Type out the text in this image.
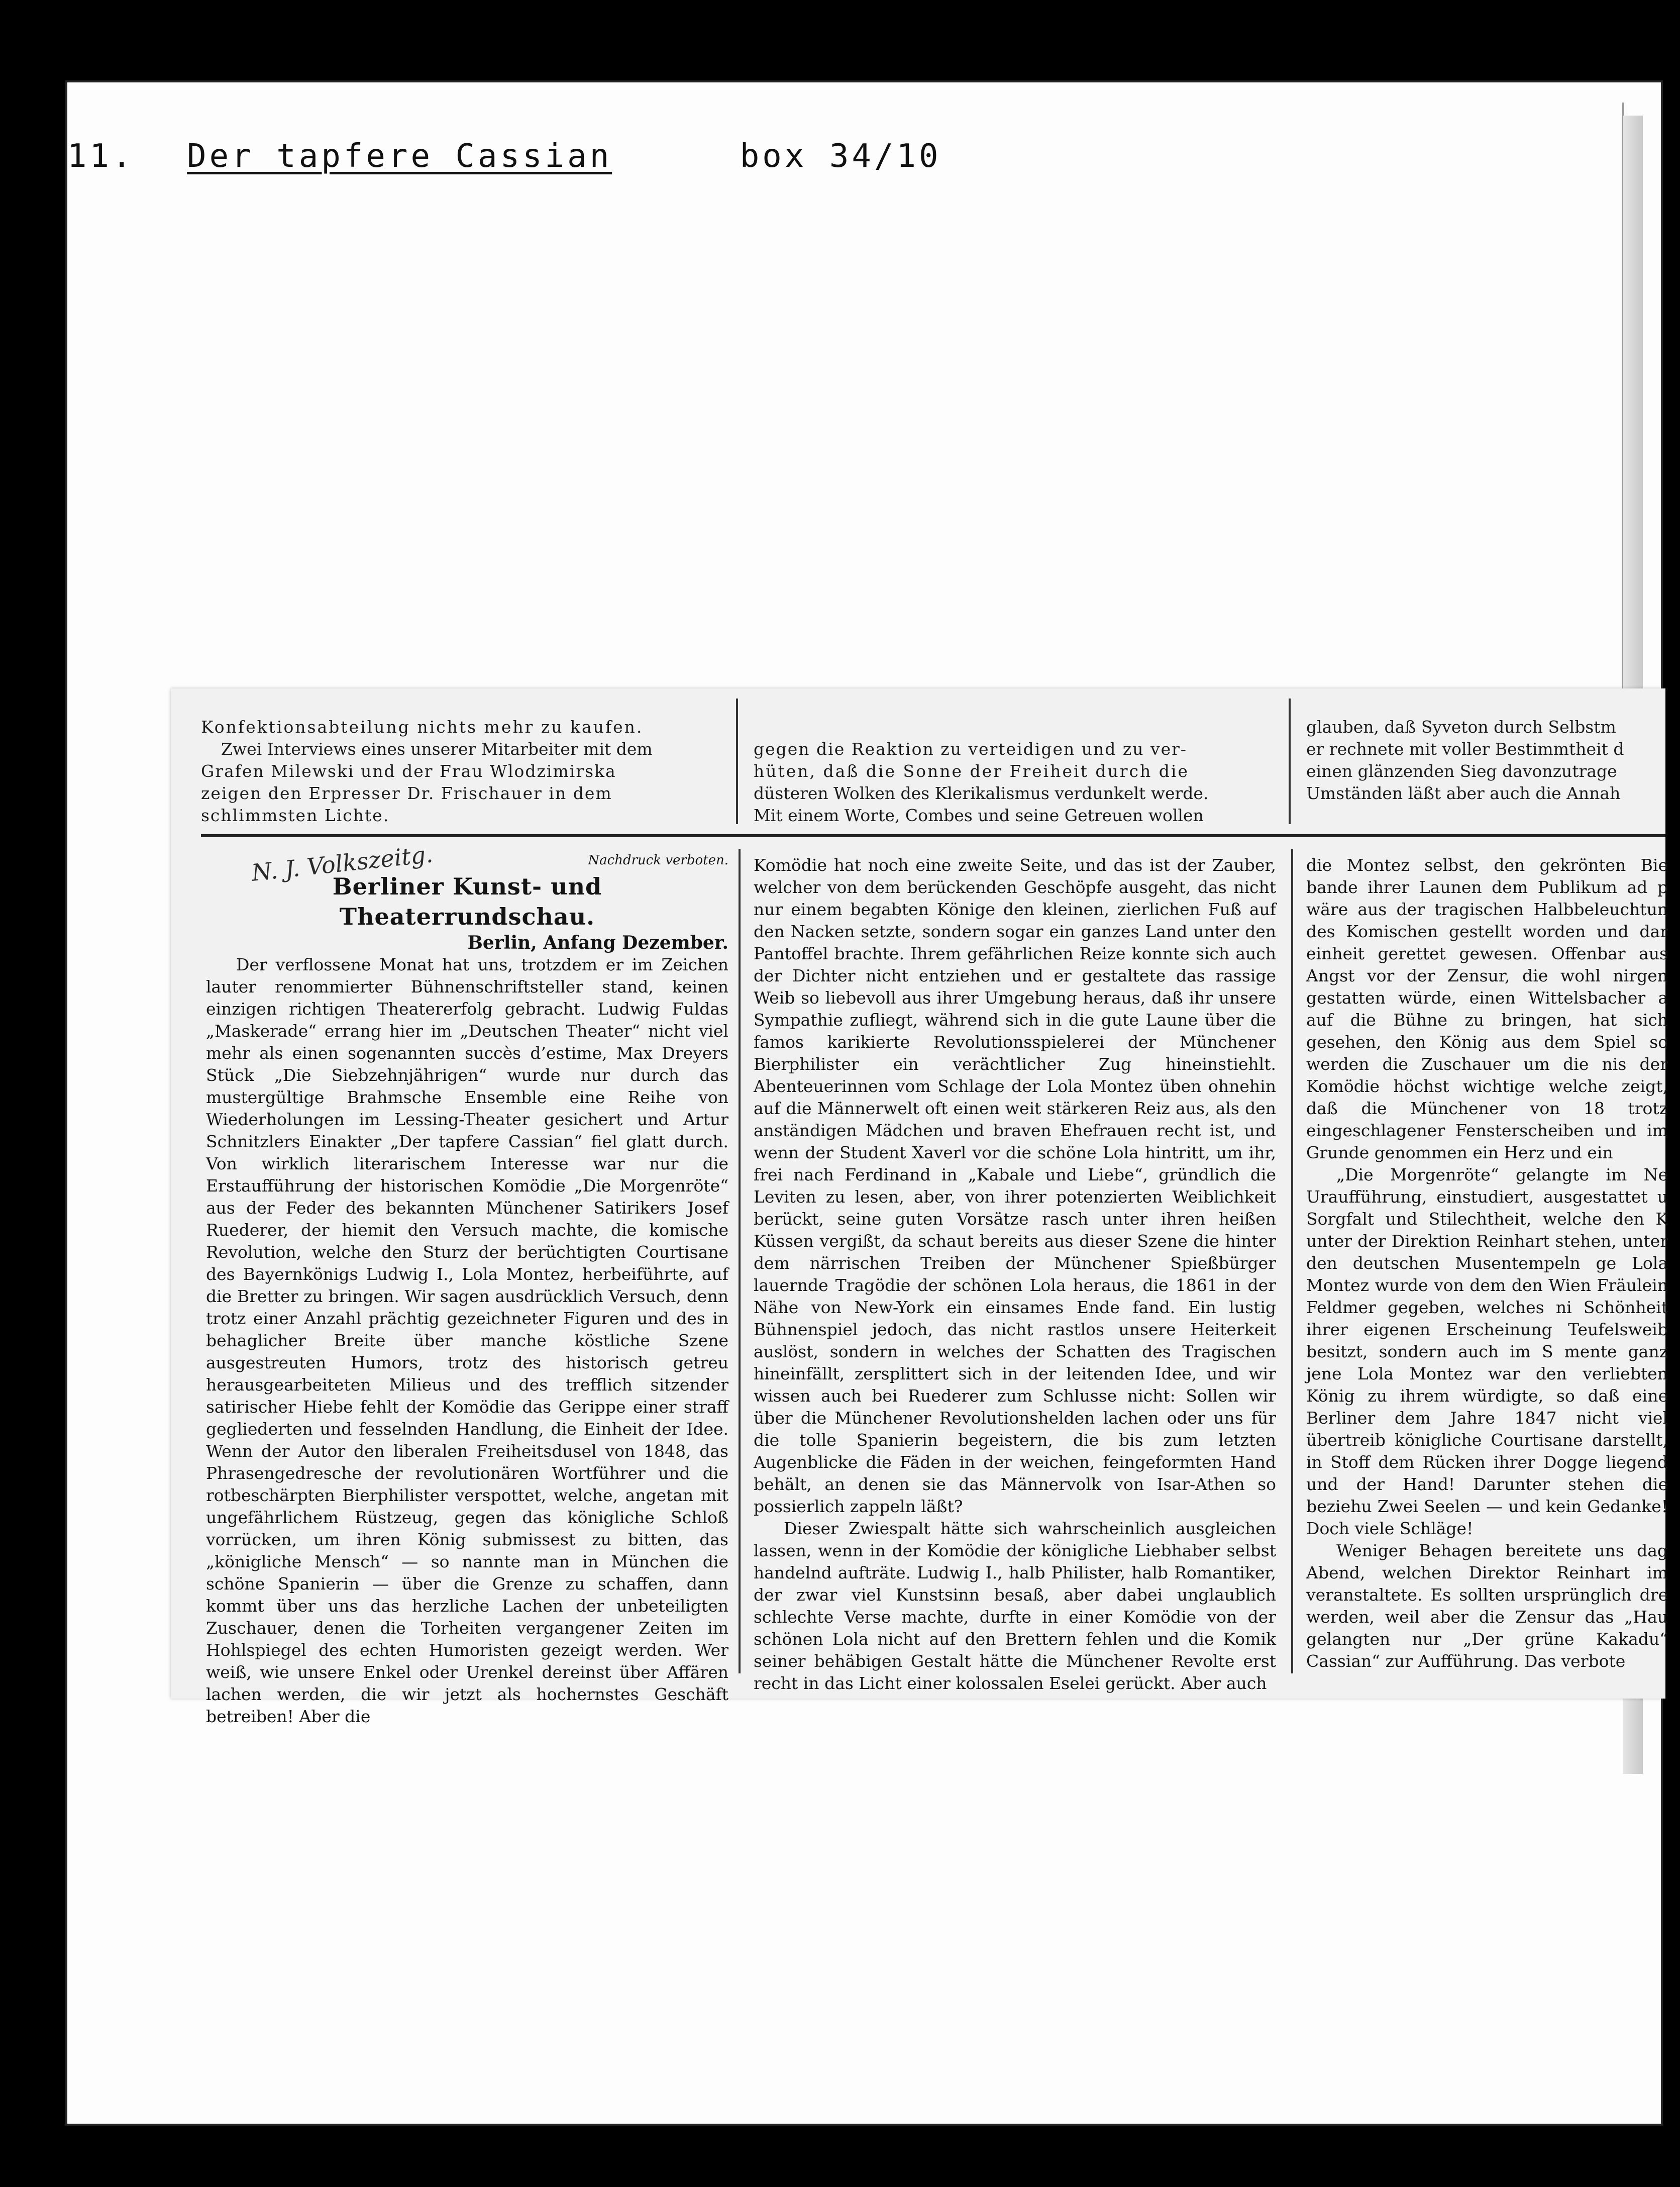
11. Der tapfere Cassian	box 34/10

Konfektionsabteilung nichts mehr zu kaufen.

Zwei Interviews eines unserer Mitarbeiter mit dem

Grafen Milewski und der Frau Wlodzimirska

zeigen den Erpresser Dr. Frischauer in dem

schlimmsten Lichte.

gegen die Reaktion zu verteidigen und zu ver-

hüten, daß die Sonne der Freiheit durch die

düsteren Wolken des Klerikalismus verdunkelt werde.

Mit einem Worte, Combes und seine Getreuen wollen

glauben, daß Syveton durch Selbstm

er rechnete mit voller Bestimmtheit d

einen glänzenden Sieg davonzutrage

Umständen läßt aber auch die Annah

N. J. Volkszeitg.	Nachdruck verboten.

Berliner Kunst- und Theaterrundschau.

Berlin, Anfang Dezember.

Der verflossene Monat hat uns, trotzdem er im Zeichen lauter renommierter Bühnenschriftsteller stand, keinen einzigen richtigen Theatererfolg gebracht. Ludwig Fuldas „Maskerade“ errang hier im „Deutschen Theater“ nicht viel mehr als einen sogenannten succès d’estime, Max Dreyers Stück „Die Siebzehnjährigen“ wurde nur durch das mustergültige Brahmsche Ensemble eine Reihe von Wiederholungen im Lessing-Theater gesichert und Artur Schnitzlers Einakter „Der tapfere Cassian“ fiel glatt durch. Von wirklich literarischem Interesse war nur die Erstaufführung der historischen Komödie „Die Morgenröte“ aus der Feder des bekannten Münchener Satirikers Josef Ruederer, der hiemit den Versuch machte, die komische Revolution, welche den Sturz der berüchtigten Courtisane des Bayernkönigs Ludwig I., Lola Montez, herbeiführte, auf die Bretter zu bringen. Wir sagen ausdrücklich Versuch, denn trotz einer Anzahl prächtig gezeichneter Figuren und des in behaglicher Breite über manche köstliche Szene ausgestreuten Humors, trotz des historisch getreu herausgearbeiteten Milieus und des trefflich sitzender satirischer Hiebe fehlt der Komödie das Gerippe einer straff gegliederten und fesselnden Handlung, die Einheit der Idee. Wenn der Autor den liberalen Freiheitsdusel von 1848, das Phrasengedresche der revolutionären Wortführer und die rotbeschärpten Bierphilister verspottet, welche, angetan mit ungefährlichem Rüstzeug, gegen das königliche Schloß vorrücken, um ihren König submissest zu bitten, das „königliche Mensch“ — so nannte man in München die schöne Spanierin — über die Grenze zu schaffen, dann kommt über uns das herzliche Lachen der unbeteiligten Zuschauer, denen die Torheiten vergangener Zeiten im Hohlspiegel des echten Humoristen gezeigt werden. Wer weiß, wie unsere Enkel oder Urenkel dereinst über Affären lachen werden, die wir jetzt als hochernstes Geschäft betreiben! Aber die

Komödie hat noch eine zweite Seite, und das ist der Zauber, welcher von dem berückenden Geschöpfe ausgeht, das nicht nur einem begabten Könige den kleinen, zierlichen Fuß auf den Nacken setzte, sondern sogar ein ganzes Land unter den Pantoffel brachte. Ihrem gefährlichen Reize konnte sich auch der Dichter nicht entziehen und er gestaltete das rassige Weib so liebevoll aus ihrer Umgebung heraus, daß ihr unsere Sympathie zufliegt, während sich in die gute Laune über die famos karikierte Revolutionsspielerei der Münchener Bierphilister ein verächtlicher Zug hineinstiehlt. Abenteuerinnen vom Schlage der Lola Montez üben ohnehin auf die Männerwelt oft einen weit stärkeren Reiz aus, als den anständigen Mädchen und braven Ehefrauen recht ist, und wenn der Student Xaverl vor die schöne Lola hintritt, um ihr, frei nach Ferdinand in „Kabale und Liebe“, gründlich die Leviten zu lesen, aber, von ihrer potenzierten Weiblichkeit berückt, seine guten Vorsätze rasch unter ihren heißen Küssen vergißt, da schaut bereits aus dieser Szene die hinter dem närrischen Treiben der Münchener Spießbürger lauernde Tragödie der schönen Lola heraus, die 1861 in der Nähe von New-York ein einsames Ende fand. Ein lustig Bühnenspiel jedoch, das nicht rastlos unsere Heiterkeit auslöst, sondern in welches der Schatten des Tragischen hineinfällt, zersplittert sich in der leitenden Idee, und wir wissen auch bei Ruederer zum Schlusse nicht: Sollen wir über die Münchener Revolutionshelden lachen oder uns für die tolle Spanierin begeistern, die bis zum letzten Augenblicke die Fäden in der weichen, feingeformten Hand behält, an denen sie das Männervolk von Isar-Athen so possierlich zappeln läßt?

Dieser Zwiespalt hätte sich wahrscheinlich ausgleichen lassen, wenn in der Komödie der königliche Liebhaber selbst handelnd aufträte. Ludwig I., halb Philister, halb Romantiker, der zwar viel Kunstsinn besaß, aber dabei unglaublich schlechte Verse machte, durfte in einer Komödie von der schönen Lola nicht auf den Brettern fehlen und die Komik seiner behäbigen Gestalt hätte die Münchener Revolte erst recht in das Licht einer kolossalen Eselei gerückt. Aber auch

die Montez selbst, den gekrönten Bie bande ihrer Launen dem Publikum ad p wäre aus der tragischen Halbbeleuchtun des Komischen gestellt worden und dar einheit gerettet gewesen. Offenbar aus Angst vor der Zensur, die wohl nirgen gestatten würde, einen Wittelsbacher a auf die Bühne zu bringen, hat sich gesehen, den König aus dem Spiel so werden die Zuschauer um die nis der Komödie höchst wichtige welche zeigt, daß die Münchener von 18 trotz eingeschlagener Fensterscheiben und im Grunde genommen ein Herz und ein

„Die Morgenröte“ gelangte im Ne Uraufführung, einstudiert, ausgestattet u Sorgfalt und Stilechtheit, welche den K unter der Direktion Reinhart stehen, unter den deutschen Musentempeln ge Lola Montez wurde von dem den Wien Fräulein Feldmer gegeben, welches ni Schönheit ihrer eigenen Erscheinung Teufelsweib besitzt, sondern auch im S mente ganz jene Lola Montez war den verliebten König zu ihrem würdigte, so daß eine Berliner dem Jahre 1847 nicht viel übertreib königliche Courtisane darstellt, in Stoff dem Rücken ihrer Dogge liegend und der Hand! Darunter stehen die beziehu Zwei Seelen — und kein Gedanke! Doch viele Schläge!

Weniger Behagen bereitete uns dag Abend, welchen Direktor Reinhart im veranstaltete. Es sollten ursprünglich dre werden, weil aber die Zensur das „Hau gelangten nur „Der grüne Kakadu“ Cassian“ zur Aufführung. Das verbote
